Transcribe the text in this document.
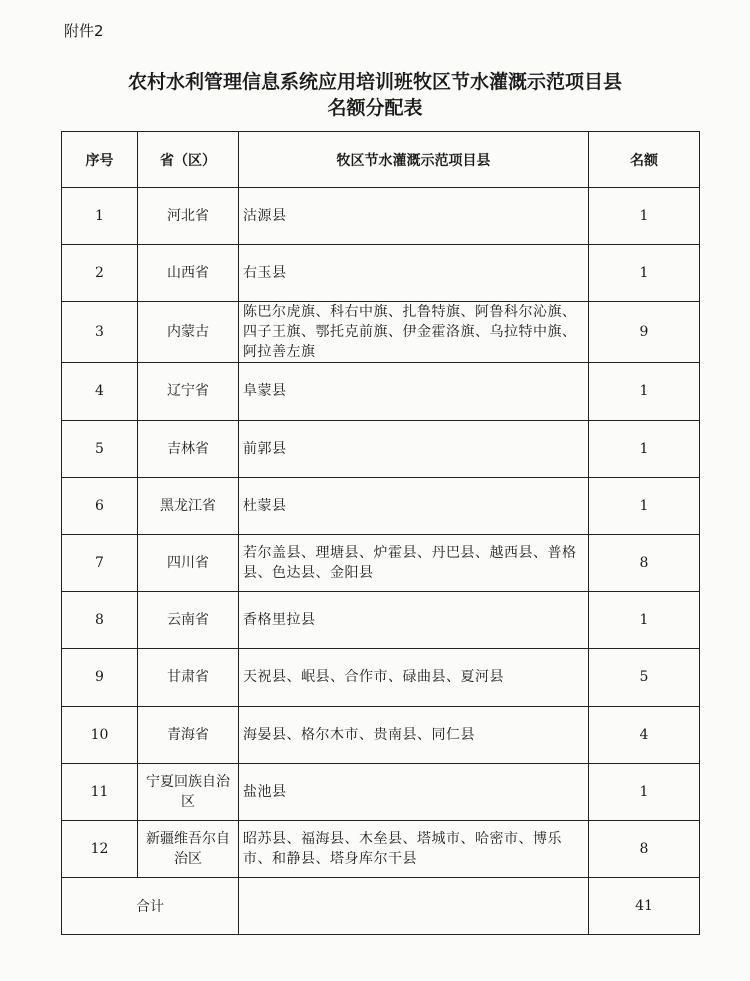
附件2
农村水利管理信息系统应用培训班牧区节水灌溉示范项目县
名额分配表
序号	省（区）	牧区节水灌溉示范项目县	名额
1	河北省	沽源县	1
2	山西省	右玉县	1
3	内蒙古	陈巴尔虎旗、科右中旗、扎鲁特旗、阿鲁科尔沁旗、四子王旗、鄂托克前旗、伊金霍洛旗、乌拉特中旗、阿拉善左旗	9
4	辽宁省	阜蒙县	1
5	吉林省	前郭县	1
6	黑龙江省	杜蒙县	1
7	四川省	若尔盖县、理塘县、炉霍县、丹巴县、越西县、普格县、色达县、金阳县	8
8	云南省	香格里拉县	1
9	甘肃省	天祝县、岷县、合作市、碌曲县、夏河县	5
10	青海省	海晏县、格尔木市、贵南县、同仁县	4
11	宁夏回族自治区	盐池县	1
12	新疆维吾尔自治区	昭苏县、福海县、木垒县、塔城市、哈密市、博乐市、和静县、塔身库尔干县	8
合计			41
